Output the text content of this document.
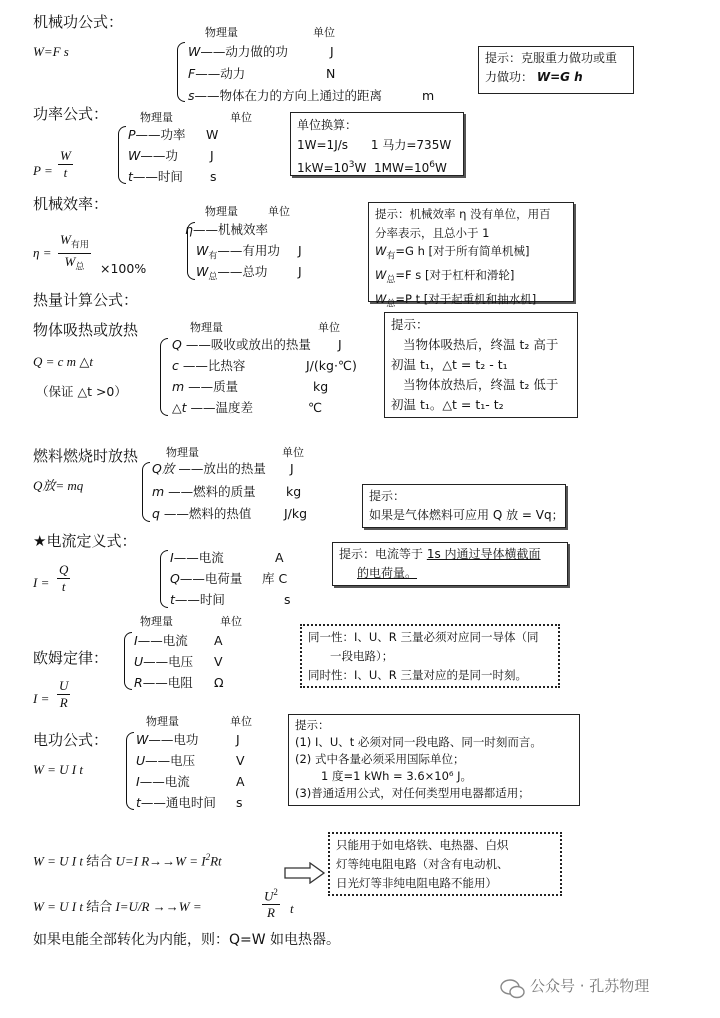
机械功公式：
W=F s
物理量	单位
W——动力做的功	J
F——动力	N
s——物体在力的方向上通过的距离	m
提示：克服重力做功或重
力做功： W=G h
功率公式：
$P = \frac{W}{t}$
物理量	单位
P——功率 W
W——功	J
t——时间 s
单位换算：
1W=1J/s 1 马力=735W
$1kW=10^3W$ $1MW=10^6W$
机械效率：
η =
$W_{有用}$
$W_总$	×100%
物理量	单位
η——机械效率
$W_有——$有用功 J
$W_总——$总功 J
提示：机械效率 η 没有单位，用百
分率表示，且总小于 1
$W_有=G$ h [对于所有简单机械]
$W_总=F$ s [对于杠杆和滑轮]
$W_总=P$ t [对于起重机和抽水机]
热量计算公式：
物体吸热或放热
Q = c m △t
（保证 △t >0）
物理量	单位
Q ——吸收或放出的热量 J
c ——比热容	J/(kg·℃)
m ——质量	kg
△t ——温度差	℃
提示：
当物体吸热后，终温 t₂ 高于
初温 t₁，△t = t₂ - t₁
当物体放热后，终温 t₂ 低于
初温 t₁。△t = t₁- t₂
燃料燃烧时放热
Q放= mq
物理量	单位
Q放 ——放出的热量 J
m ——燃料的质量 kg
q ——燃料的热值	J/kg
提示：
如果是气体燃料可应用 Q 放 = Vq；
★电流定义式：
$I = \frac{Q}{t}$
I——电流	A
Q——电荷量 库 C
t——时间	s
提示：电流等于 1s 内通过导体横截面
的电荷量。
物理量	单位
欧姆定律：
$I = \frac{U}{R}$
I——电流 A
U——电压 V
R——电阻 Ω
同一性：I、U、R 三量必须对应同一导体（同
一段电路）；
同时性：I、U、R 三量对应的是同一时刻。
物理量	单位
电功公式：
W = U I t
W——电功	J
U——电压	V
I——电流	A
t——通电时间 s
提示：
(1) I、U、t 必须对同一段电路、同一时刻而言。
(2) 式中各量必须采用国际单位；
1 度=1 kWh = 3.6×10⁶ J。
(3)普通适用公式，对任何类型用电器都适用；
W = U I t 结合 U=I $R\to\to W = I^2Rt$
W = U I t 结合 I=U/R →→W =	$\frac{U^2}{R}$ t
只能用于如电烙铁、电热器、白炽
灯等纯电阻电路（对含有电动机、
日光灯等非纯电阻电路不能用）
如果电能全部转化为内能，则：Q=W 如电热器。
公众号 · 孔苏物理
